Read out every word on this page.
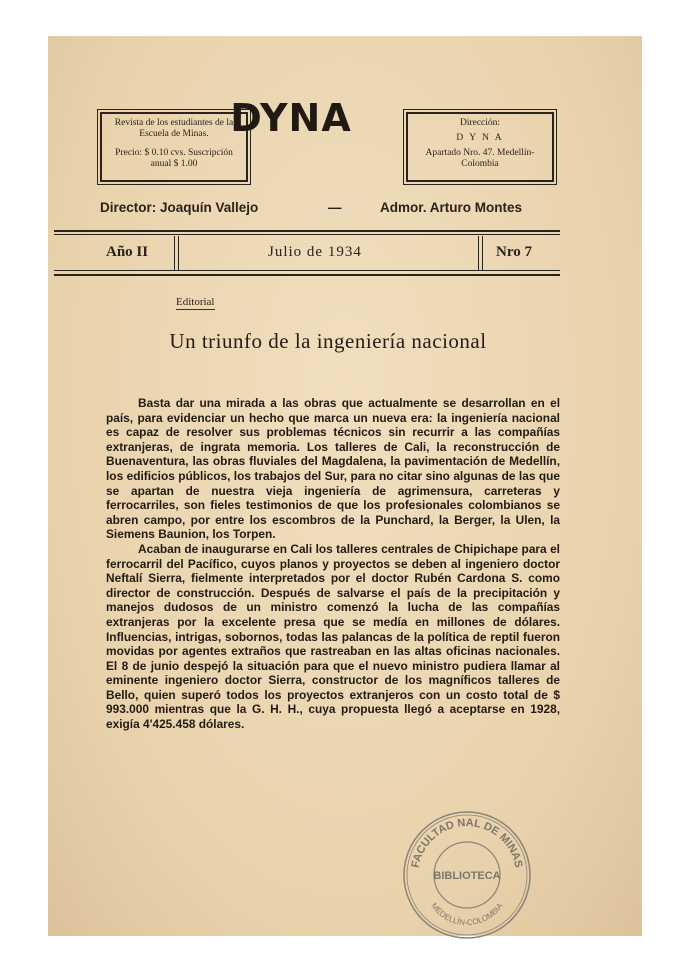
Revista de los estudiantes de la Escuela de Minas.
Precio: $ 0.10 cvs. Suscripción anual $ 1.00
DYNA	Dirección:
D Y N A
Apartado Nro. 47. Medellín-Colombia
Director: Joaquín Vallejo	—	Admor. Arturo Montes
Año II	Julio de 1934	Nro 7
Editorial
Un triunfo de la ingeniería nacional

Basta dar una mirada a las obras que actualmente se desarrollan en el país, para evidenciar un hecho que marca un nueva era: la ingeniería nacional es capaz de resolver sus problemas técnicos sin recurrir a las compañías extranjeras, de ingrata memoria. Los talleres de Cali, la reconstrucción de Buenaventura, las obras fluviales del Magdalena, la pavimentación de Medellín, los edificios públicos, los trabajos del Sur, para no citar sino algunas de las que se apartan de nuestra vieja ingeniería de agrimensura, carreteras y ferrocarriles, son fieles testimonios de que los profesionales colombianos se abren campo, por entre los escombros de la Punchard, la Berger, la Ulen, la Siemens Baunion, los Torpen.

Acaban de inaugurarse en Cali los talleres centrales de Chipichape para el ferrocarril del Pacífico, cuyos planos y proyectos se deben al ingeniero doctor Neftalí Sierra, fielmente interpretados por el doctor Rubén Cardona S. como director de construcción. Después de salvarse el país de la precipitación y manejos dudosos de un ministro comenzó la lucha de las compañías extranjeras por la excelente presa que se medía en millones de dólares. Influencias, intrigas, sobornos, todas las palancas de la política de reptil fueron movidas por agentes extraños que rastreaban en las altas oficinas nacionales. El 8 de junio despejó la situación para que el nuevo ministro pudiera llamar al eminente ingeniero doctor Sierra, constructor de los magníficos talleres de Bello, quien superó todos los proyectos extranjeros con un costo total de $ 993.000 mientras que la G. H. H., cuya propuesta llegó a aceptarse en 1928, exigía 4'425.458 dólares.

FACULTAD NAL DE MINAS
MEDELLÍN-COLOMBIA
BIBLIOTECA
